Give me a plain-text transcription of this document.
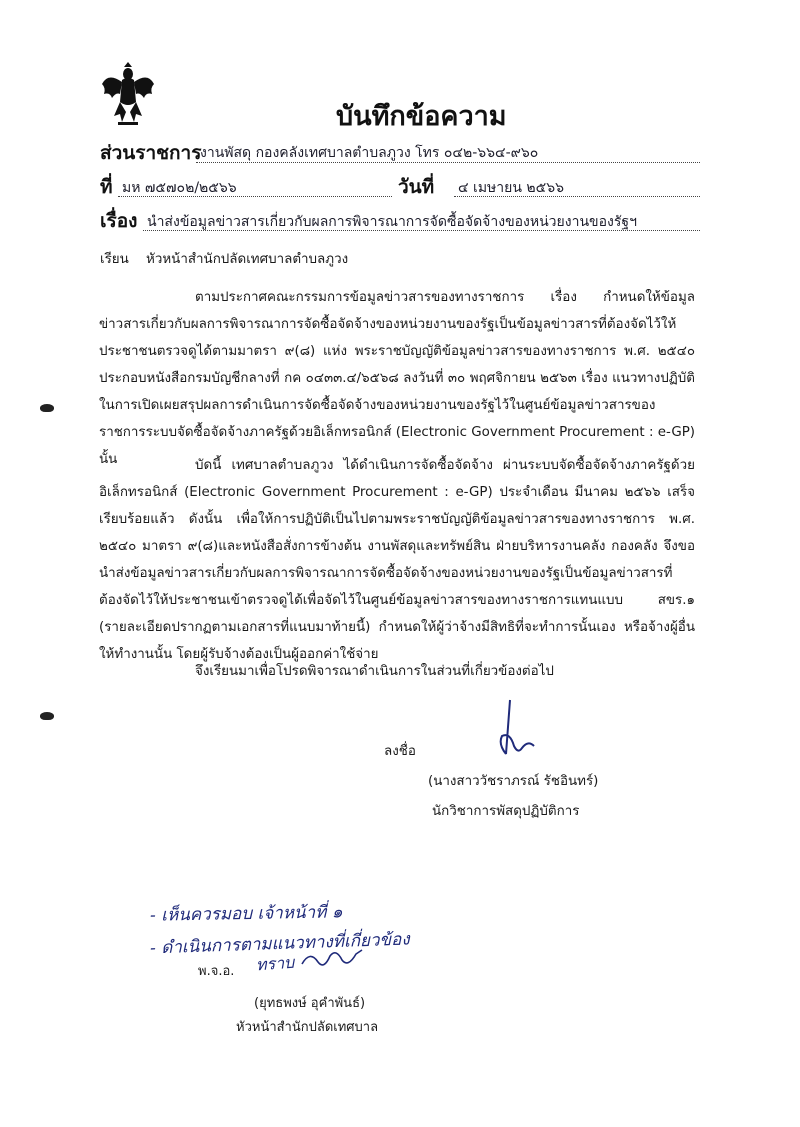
บันทึกข้อความ
ส่วนราชการ
งานพัสดุ กองคลังเทศบาลตำบลภูวง โทร ๐๔๒-๖๖๔-๙๖๐
ที่ มห ๗๕๗๐๒/๒๕๖๖	วันที่ ๔ เมษายน ๒๕๖๖
เรื่อง นำส่งข้อมูลข่าวสารเกี่ยวกับผลการพิจารณาการจัดซื้อจัดจ้างของหน่วยงานของรัฐฯ
เรียน หัวหน้าสำนักปลัดเทศบาลตำบลภูวง
ตามประกาศคณะกรรมการข้อมูลข่าวสารของทางราชการ เรื่อง กำหนดให้ข้อมูลข่าวสารเกี่ยวกับผลการพิจารณาการจัดซื้อจัดจ้างของหน่วยงานของรัฐเป็นข้อมูลข่าวสารที่ต้องจัดไว้ให้ประชาชนตรวจดูได้ตามมาตรา ๙(๘) แห่ง พระราชบัญญัติข้อมูลข่าวสารของทางราชการ พ.ศ. ๒๕๔๐ ประกอบหนังสือกรมบัญชีกลางที่ กค ๐๔๓๓.๔/๖๕๖๘ ลงวันที่ ๓๐ พฤศจิกายน ๒๕๖๓ เรื่อง แนวทางปฏิบัติในการเปิดเผยสรุปผลการดำเนินการจัดซื้อจัดจ้างของหน่วยงานของรัฐไว้ในศูนย์ข้อมูลข่าวสารของราชการระบบจัดซื้อจัดจ้างภาครัฐด้วยอิเล็กทรอนิกส์ (Electronic Government Procurement : e-GP) นั้น	บัดนี้ เทศบาลตำบลภูวง ได้ดำเนินการจัดซื้อจัดจ้าง ผ่านระบบจัดซื้อจัดจ้างภาครัฐด้วยอิเล็กทรอนิกส์ (Electronic Government Procurement : e-GP) ประจำเดือน มีนาคม ๒๕๖๖ เสร็จเรียบร้อยแล้ว ดังนั้น เพื่อให้การปฏิบัติเป็นไปตามพระราชบัญญัติข้อมูลข่าวสารของทางราชการ พ.ศ. ๒๕๔๐ มาตรา ๙(๘)และหนังสือสั่งการข้างต้น งานพัสดุและทรัพย์สิน ฝ่ายบริหารงานคลัง กองคลัง จึงขอนำส่งข้อมูลข่าวสารเกี่ยวกับผลการพิจารณาการจัดซื้อจัดจ้างของหน่วยงานของรัฐเป็นข้อมูลข่าวสารที่ต้องจัดไว้ให้ประชาชนเข้าตรวจดูได้เพื่อจัดไว้ในศูนย์ข้อมูลข่าวสารของทางราชการแทนแบบ สขร.๑ (รายละเอียดปรากฏตามเอกสารที่แนบมาท้ายนี้) กำหนดให้ผู้ว่าจ้างมีสิทธิที่จะทำการนั้นเอง หรือจ้างผู้อื่นให้ทำงานนั้น โดยผู้รับจ้างต้องเป็นผู้ออกค่าใช้จ่าย
จึงเรียนมาเพื่อโปรดพิจารณาดำเนินการในส่วนที่เกี่ยวข้องต่อไป
ลงชื่อ
(นางสาววัชราภรณ์ รัชอินทร์)
นักวิชาการพัสดุปฏิบัติการ
- เห็นควรมอบ เจ้าหน้าที่ ๑
- ดำเนินการตามแนวทางที่เกี่ยวข้อง
พ.จ.อ. ทราบ
(ยุทธพงษ์ อุคำพันธ์)
หัวหน้าสำนักปลัดเทศบาล
